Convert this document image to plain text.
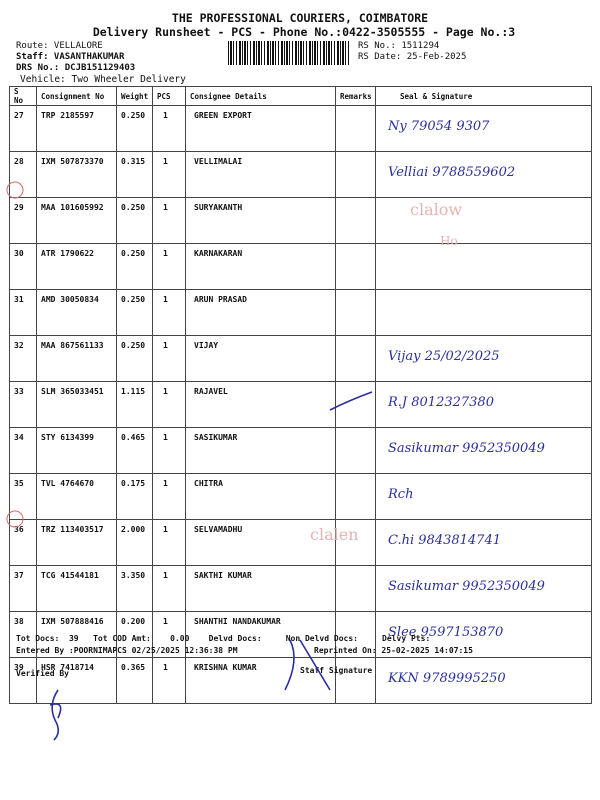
THE PROFESSIONAL COURIERS, COIMBATORE
Delivery Runsheet - PCS - Phone No.:0422-3505555 - Page No.:3
Route: VELLALORE
Staff: VASANTHAKUMAR
DRS No.: DCJB151129403
Vehicle: Two Wheeler Delivery
RS No.: 1511294
RS Date: 25-Feb-2025
S No	Consignment No	Weight	PCS	Consignee Details	Remarks	Seal & Signature
27	TRP 2185597	0.250	1	GREEN EXPORT		Ny 79054 9307
28	IXM 507873370	0.315	1	VELLIMALAI		Velliai 9788559602
29	MAA 101605992	0.250	1	SURYAKANTH		
30	ATR 1790622	0.250	1	KARNAKARAN		
31	AMD 30050834	0.250	1	ARUN PRASAD		
32	MAA 867561133	0.250	1	VIJAY		Vijay 25/02/2025
33	SLM 365033451	1.115	1	RAJAVEL		R.J 8012327380
34	STY 6134399	0.465	1	SASIKUMAR		Sasikumar 9952350049
35	TVL 4764670	0.175	1	CHITRA		Rch
36	TRZ 113403517	2.000	1	SELVAMADHU		C.hi 9843814741
37	TCG 41544181	3.350	1	SAKTHI KUMAR		Sasikumar 9952350049
38	IXM 507888416	0.200	1	SHANTHI NANDAKUMAR		Slee 9597153870
39	HSR 7418714	0.365	1	KRISHNA KUMAR		KKN 9789995250
Tot Docs:  39   Tot COD Amt:    0.00    Delvd Docs:     Non Delvd Docs:     Delvy Pts:
Entered By :POORNIMAPCS 02/25/2025 12:36:38 PM	Reprinted On: 25-02-2025 14:07:15
Verified By	Staff Signature
clalow
Ho
clalen
